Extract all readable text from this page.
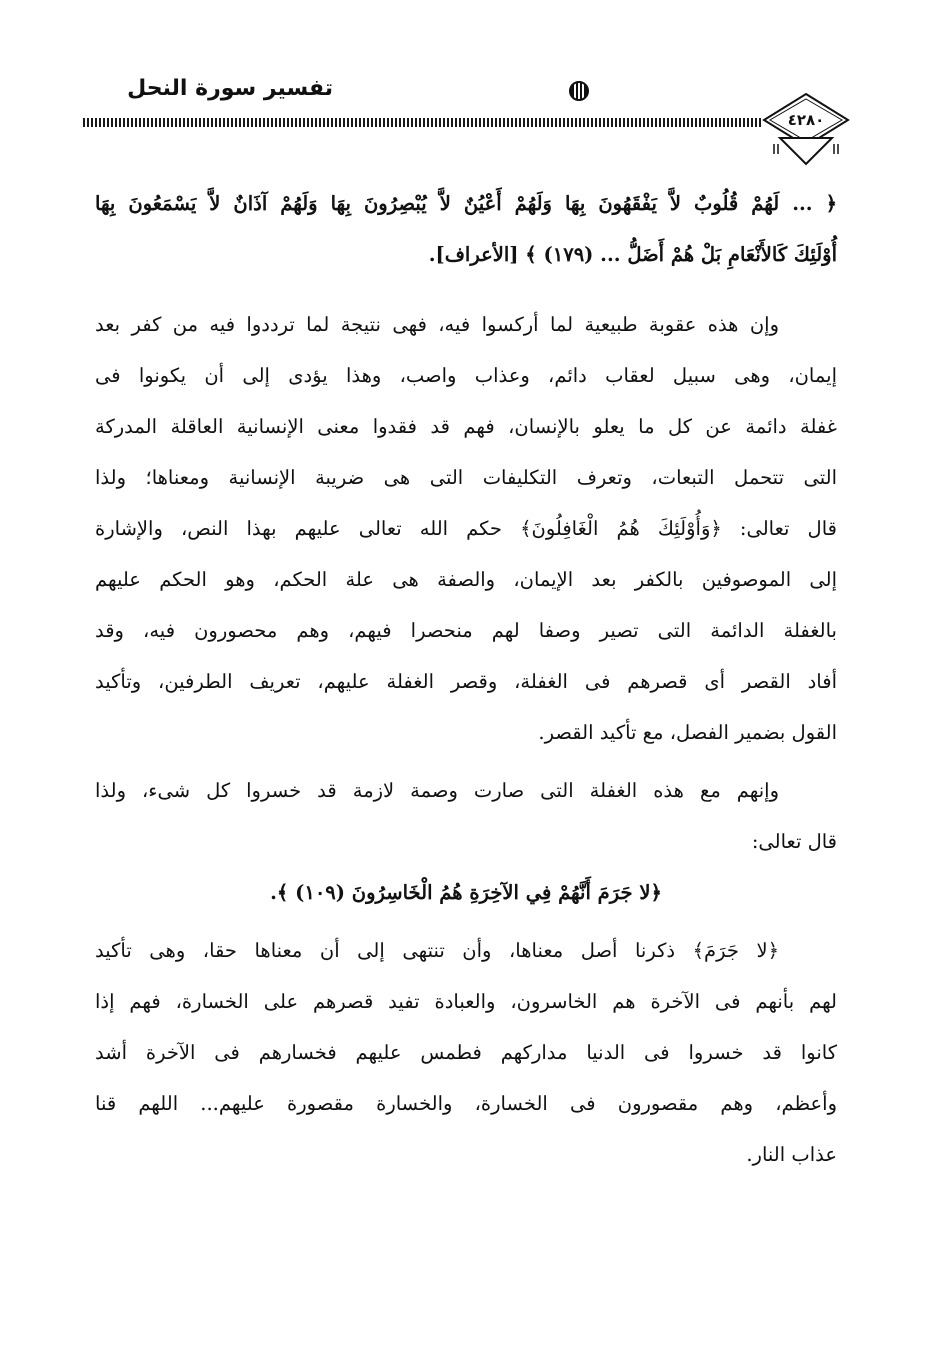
تفسير سورة النحل
٤٢٨٠
﴿ ... لَهُمْ قُلُوبٌ لاَّ يَفْقَهُونَ بِهَا وَلَهُمْ أَعْيُنٌ لاَّ يُبْصِرُونَ بِهَا وَلَهُمْ آذَانٌ لاَّ يَسْمَعُونَ بِهَا
أُوْلَئِكَ كَالأَنْعَامِ بَلْ هُمْ أَضَلُّ ... (١٧٩) ﴾ [الأعراف].
وإن هذه عقوبة طبيعية لما أركسوا فيه، فهى نتيجة لما ترددوا فيه من كفر بعد
إيمان، وهى سبيل لعقاب دائم، وعذاب واصب، وهذا يؤدى إلى أن يكونوا فى
غفلة دائمة عن كل ما يعلو بالإنسان، فهم قد فقدوا معنى الإنسانية العاقلة المدركة
التى تتحمل التبعات، وتعرف التكليفات التى هى ضريبة الإنسانية ومعناها؛ ولذا
قال تعالى: ﴿وَأُوْلَئِكَ هُمُ الْغَافِلُونَ﴾ حكم الله تعالى عليهم بهذا النص، والإشارة
إلى الموصوفين بالكفر بعد الإيمان، والصفة هى علة الحكم، وهو الحكم عليهم
بالغفلة الدائمة التى تصير وصفا لهم منحصرا فيهم، وهم محصورون فيه، وقد
أفاد القصر أى قصرهم فى الغفلة، وقصر الغفلة عليهم، تعريف الطرفين، وتأكيد
القول بضمير الفصل، مع تأكيد القصر.
وإنهم مع هذه الغفلة التى صارت وصمة لازمة قد خسروا كل شىء، ولذا
قال تعالى:
﴿لا جَرَمَ أَنَّهُمْ فِي الآخِرَةِ هُمُ الْخَاسِرُونَ (١٠٩) ﴾.
﴿لا جَرَمَ﴾ ذكرنا أصل معناها، وأن تنتهى إلى أن معناها حقا، وهى تأكيد
لهم بأنهم فى الآخرة هم الخاسرون، والعبادة تفيد قصرهم على الخسارة، فهم إذا
كانوا قد خسروا فى الدنيا مداركهم فطمس عليهم فخسارهم فى الآخرة أشد
وأعظم، وهم مقصورون فى الخسارة، والخسارة مقصورة عليهم... اللهم قنا
عذاب النار.
